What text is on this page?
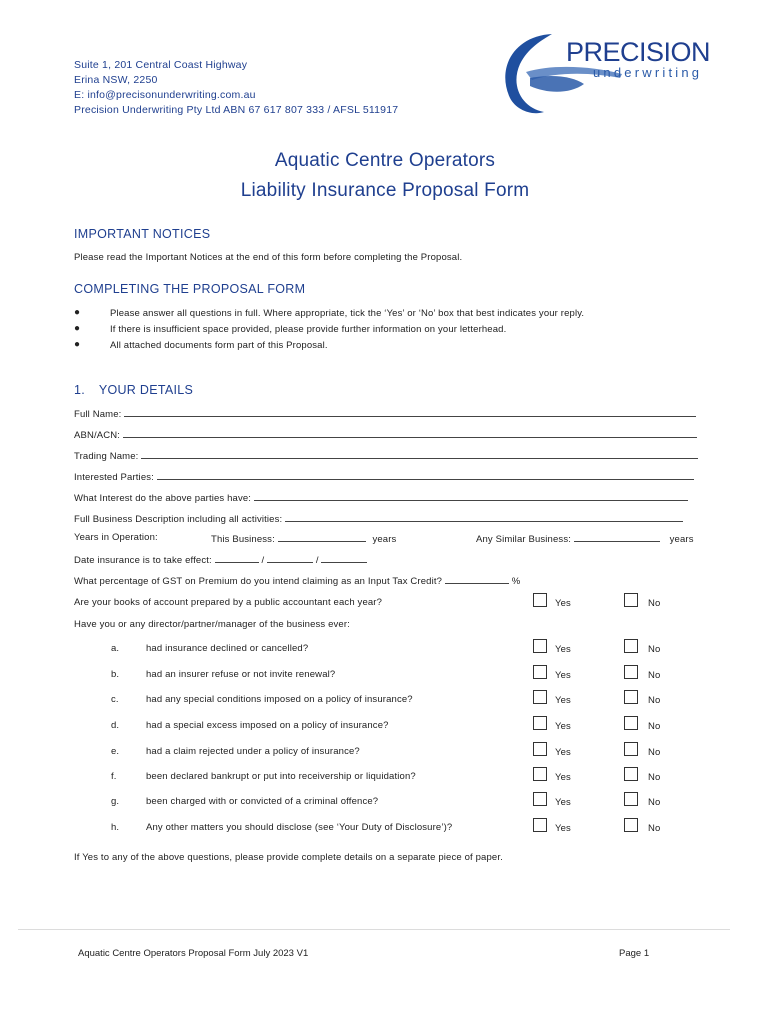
Suite 1, 201 Central Coast Highway
Erina NSW, 2250
E: info@precisonunderwriting.com.au
Precision Underwriting Pty Ltd ABN 67 617 807 333 / AFSL 511917
PRECISION
underwriting
Aquatic Centre Operators
Liability Insurance Proposal Form
IMPORTANT NOTICES
Please read the Important Notices at the end of this form before completing the Proposal.
COMPLETING THE PROPOSAL FORM
●	Please answer all questions in full. Where appropriate, tick the ‘Yes’ or ‘No’ box that best indicates your reply.
●	If there is insufficient space provided, please provide further information on your letterhead.
●	All attached documents form part of this Proposal.
1. YOUR DETAILS
Full Name:
ABN/ACN:
Trading Name:
Interested Parties:
What Interest do the above parties have:
Full Business Description including all activities:
Years in Operation:	This Business:	years	Any Similar Business:	years
Date insurance is to take effect:	/	/
What percentage of GST on Premium do you intend claiming as an Input Tax Credit?	%
Are your books of account prepared by a public accountant each year?	Yes	No
Have you or any director/partner/manager of the business ever:
a.	had insurance declined or cancelled?	Yes	No
b.	had an insurer refuse or not invite renewal?	Yes	No
c.	had any special conditions imposed on a policy of insurance?	Yes	No
d.	had a special excess imposed on a policy of insurance?	Yes	No
e.	had a claim rejected under a policy of insurance?	Yes	No
f.	been declared bankrupt or put into receivership or liquidation?	Yes	No
g.	been charged with or convicted of a criminal offence?	Yes	No
h.	Any other matters you should disclose (see ‘Your Duty of Disclosure’)?	Yes	No
If Yes to any of the above questions, please provide complete details on a separate piece of paper.
Aquatic Centre Operators Proposal Form July 2023 V1	Page 1
